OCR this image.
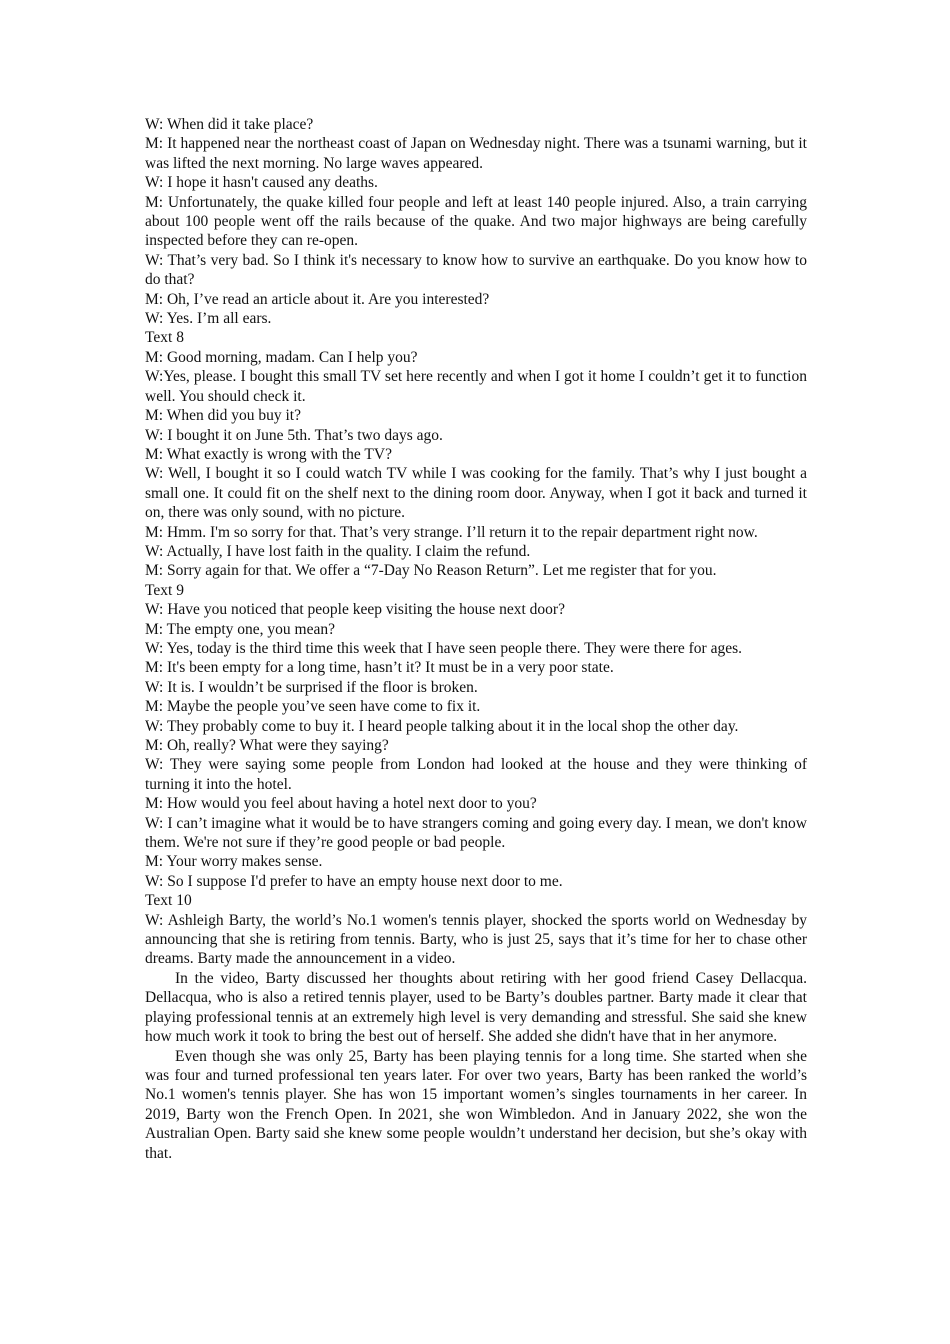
W: When did it take place?

M: It happened near the northeast coast of Japan on Wednesday night. There was a tsunami warning, but it was lifted the next morning. No large waves appeared.

W: I hope it hasn't caused any deaths.

M: Unfortunately, the quake killed four people and left at least 140 people injured. Also, a train carrying about 100 people went off the rails because of the quake. And two major highways are being carefully inspected before they can re-open.

W: That’s very bad. So I think it's necessary to know how to survive an earthquake. Do you know how to do that?

M: Oh, I’ve read an article about it. Are you interested?

W: Yes. I’m all ears.

Text 8

M: Good morning, madam. Can I help you?

W:Yes, please. I bought this small TV set here recently and when I got it home I couldn’t get it to function well. You should check it.

M: When did you buy it?

W: I bought it on June 5th. That’s two days ago.

M: What exactly is wrong with the TV?

W: Well, I bought it so I could watch TV while I was cooking for the family. That’s why I just bought a small one. It could fit on the shelf next to the dining room door. Anyway, when I got it back and turned it on, there was only sound, with no picture.

M: Hmm. I'm so sorry for that. That’s very strange. I’ll return it to the repair department right now.

W: Actually, I have lost faith in the quality. I claim the refund.

M: Sorry again for that. We offer a “7-Day No Reason Return”. Let me register that for you.

Text 9

W: Have you noticed that people keep visiting the house next door?

M: The empty one, you mean?

W: Yes, today is the third time this week that I have seen people there. They were there for ages.

M: It's been empty for a long time, hasn’t it? It must be in a very poor state.

W: It is. I wouldn’t be surprised if the floor is broken.

M: Maybe the people you’ve seen have come to fix it.

W: They probably come to buy it. I heard people talking about it in the local shop the other day.

M: Oh, really? What were they saying?

W: They were saying some people from London had looked at the house and they were thinking of turning it into the hotel.

M: How would you feel about having a hotel next door to you?

W: I can’t imagine what it would be to have strangers coming and going every day. I mean, we don't know them. We're not sure if they’re good people or bad people.

M: Your worry makes sense.

W: So I suppose I'd prefer to have an empty house next door to me.

Text 10

W: Ashleigh Barty, the world’s No.1 women's tennis player, shocked the sports world on Wednesday by announcing that she is retiring from tennis. Barty, who is just 25, says that it’s time for her to chase other dreams. Barty made the announcement in a video.

In the video, Barty discussed her thoughts about retiring with her good friend Casey Dellacqua. Dellacqua, who is also a retired tennis player, used to be Barty’s doubles partner. Barty made it clear that playing professional tennis at an extremely high level is very demanding and stressful. She said she knew how much work it took to bring the best out of herself. She added she didn't have that in her anymore.

Even though she was only 25, Barty has been playing tennis for a long time. She started when she was four and turned professional ten years later. For over two years, Barty has been ranked the world’s No.1 women's tennis player. She has won 15 important women’s singles tournaments in her career. In 2019, Barty won the French Open. In 2021, she won Wimbledon. And in January 2022, she won the Australian Open. Barty said she knew some people wouldn’t understand her decision, but she’s okay with that.
